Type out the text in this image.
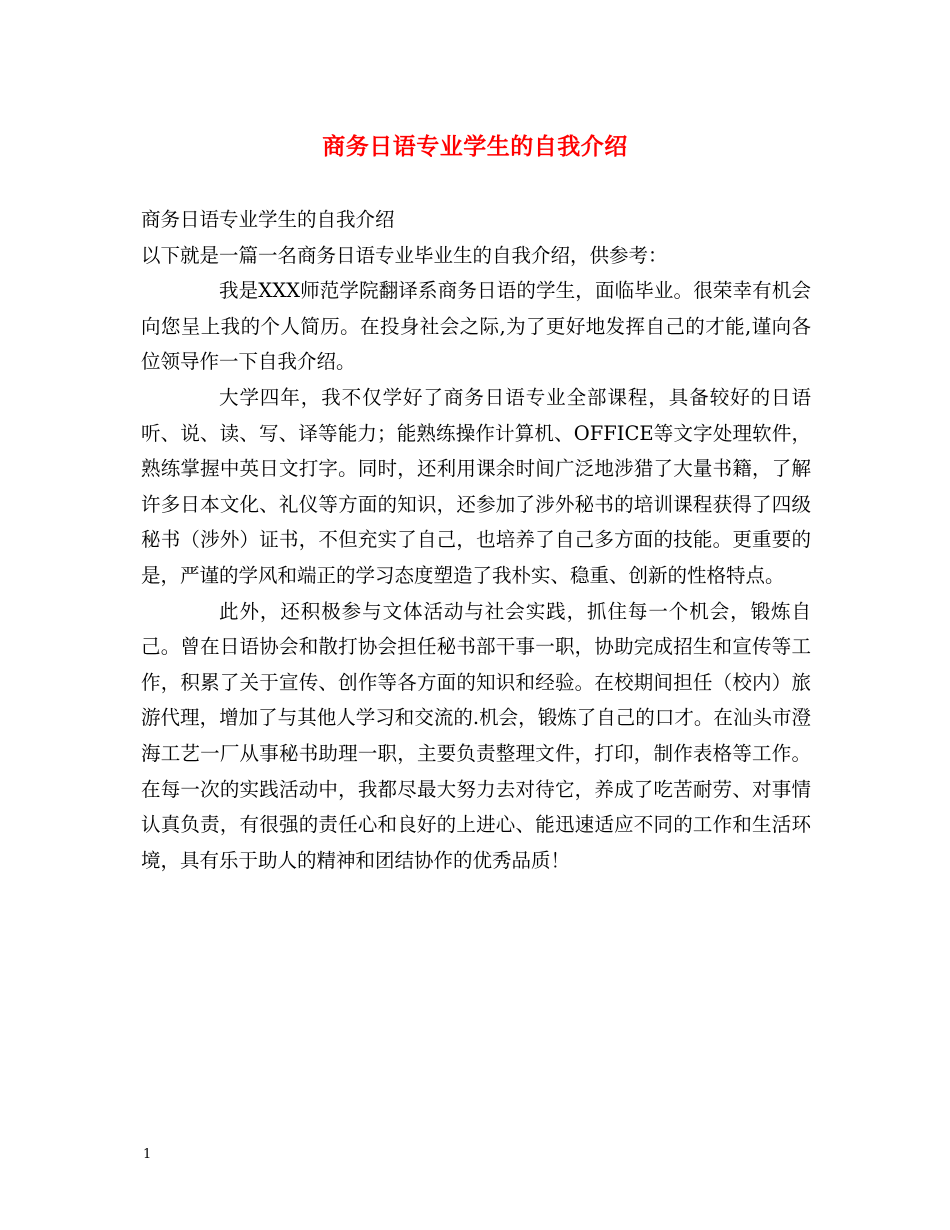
商务日语专业学生的自我介绍

商务日语专业学生的自我介绍

以下就是一篇一名商务日语专业毕业生的自我介绍，供参考：

我是XXX师范学院翻译系商务日语的学生，面临毕业。很荣幸有机会向您呈上我的个人简历。在投身社会之际,为了更好地发挥自己的才能,谨向各位领导作一下自我介绍。

大学四年，我不仅学好了商务日语专业全部课程，具备较好的日语听、说、读、写、译等能力；能熟练操作计算机、OFFICE等文字处理软件，熟练掌握中英日文打字。同时，还利用课余时间广泛地涉猎了大量书籍，了解许多日本文化、礼仪等方面的知识，还参加了涉外秘书的培训课程获得了四级秘书（涉外）证书，不但充实了自己，也培养了自己多方面的技能。更重要的是，严谨的学风和端正的学习态度塑造了我朴实、稳重、创新的性格特点。

此外，还积极参与文体活动与社会实践，抓住每一个机会，锻炼自己。曾在日语协会和散打协会担任秘书部干事一职，协助完成招生和宣传等工作，积累了关于宣传、创作等各方面的知识和经验。在校期间担任（校内）旅游代理，增加了与其他人学习和交流的.机会，锻炼了自己的口才。在汕头市澄海工艺一厂从事秘书助理一职，主要负责整理文件，打印，制作表格等工作。在每一次的实践活动中，我都尽最大努力去对待它，养成了吃苦耐劳、对事情认真负责，有很强的责任心和良好的上进心、能迅速适应不同的工作和生活环境，具有乐于助人的精神和团结协作的优秀品质！

1
